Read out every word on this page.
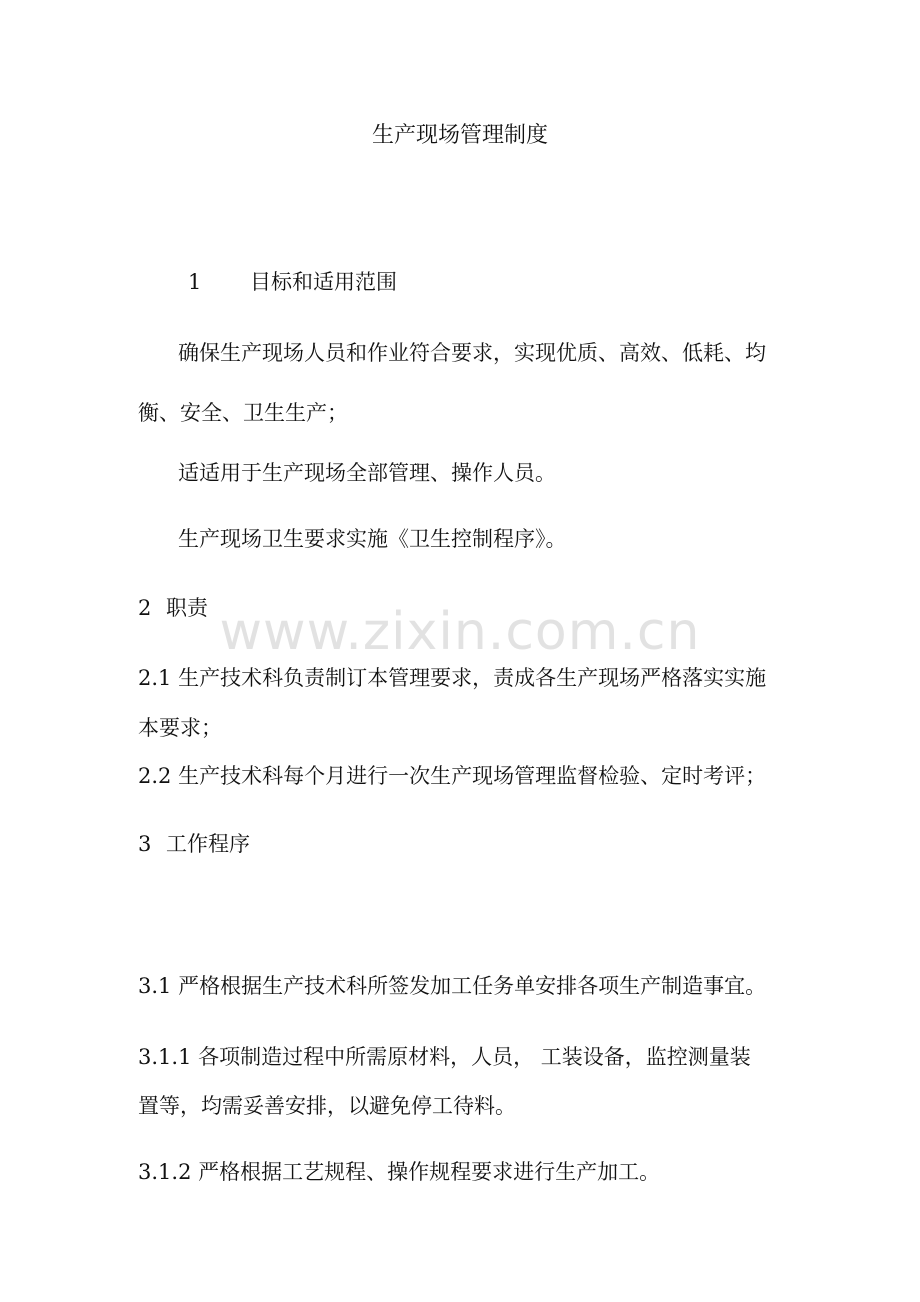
www.zixin.com.cn
生产现场管理制度
1 目标和适用范围
确保生产现场人员和作业符合要求，实现优质、高效、低耗、均
衡、安全、卫生生产；
适适用于生产现场全部管理、操作人员。
生产现场卫生要求实施《卫生控制程序》。
2 职责
2.1 生产技术科负责制订本管理要求，责成各生产现场严格落实实施
本要求；
2.2 生产技术科每个月进行一次生产现场管理监督检验、定时考评；
3 工作程序
3.1 严格根据生产技术科所签发加工任务单安排各项生产制造事宜。
3.1.1 各项制造过程中所需原材料，人员， 工装设备，监控测量装
置等，均需妥善安排，以避免停工待料。
3.1.2 严格根据工艺规程、操作规程要求进行生产加工。
